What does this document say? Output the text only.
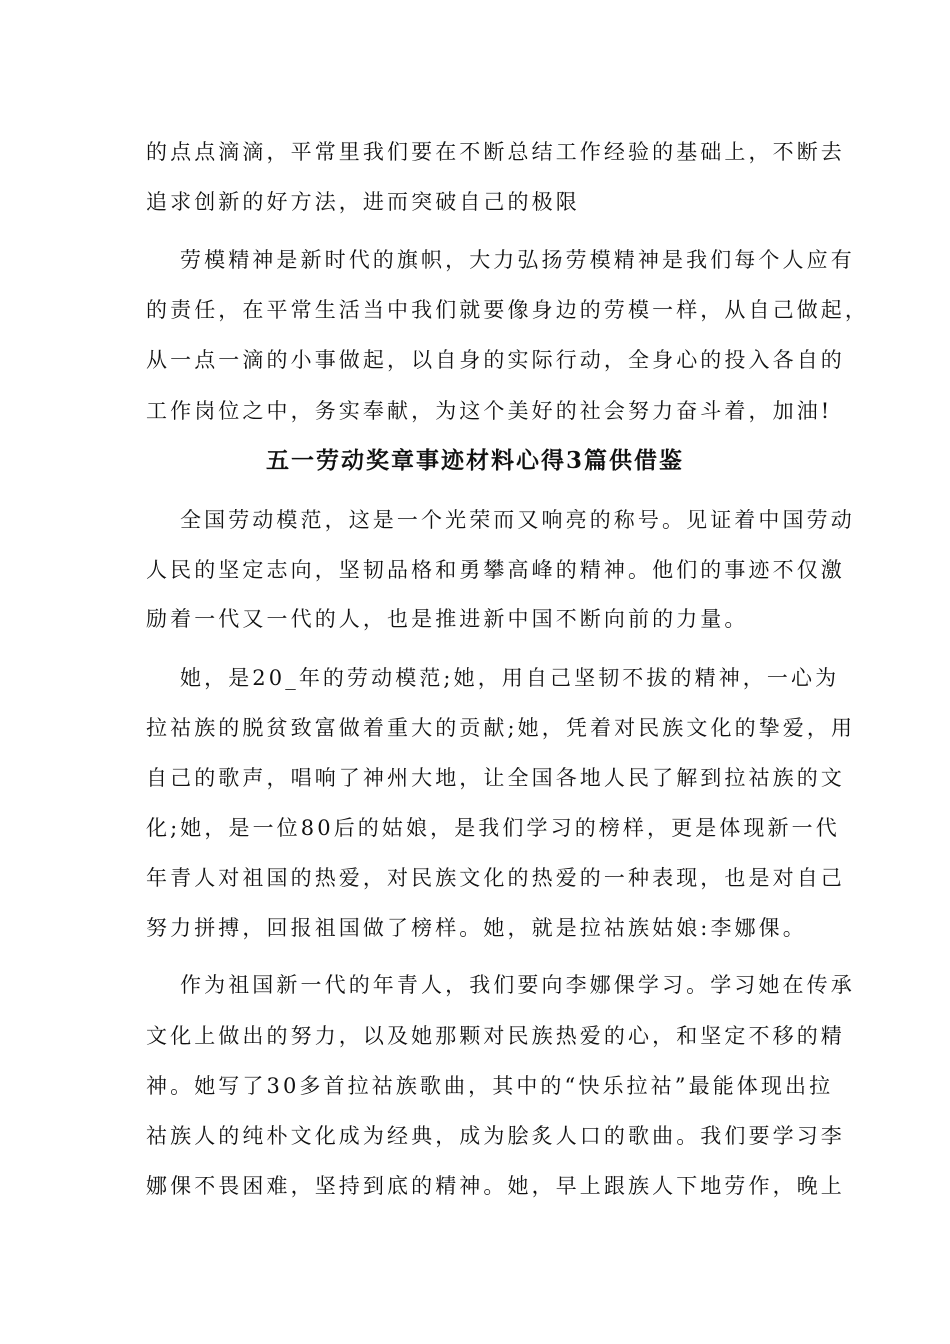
的点点滴滴，平常里我们要在不断总结工作经验的基础上，不断去
追求创新的好方法，进而突破自己的极限
劳模精神是新时代的旗帜，大力弘扬劳模精神是我们每个人应有
的责任，在平常生活当中我们就要像身边的劳模一样，从自己做起，
从一点一滴的小事做起，以自身的实际行动，全身心的投入各自的
工作岗位之中，务实奉献，为这个美好的社会努力奋斗着，加油!
五一劳动奖章事迹材料心得3篇供借鉴
全国劳动模范，这是一个光荣而又响亮的称号。见证着中国劳动
人民的坚定志向，坚韧品格和勇攀高峰的精神。他们的事迹不仅激
励着一代又一代的人，也是推进新中国不断向前的力量。
她，是20_年的劳动模范;她，用自己坚韧不拔的精神，一心为
拉祜族的脱贫致富做着重大的贡献;她，凭着对民族文化的挚爱，用
自己的歌声，唱响了神州大地，让全国各地人民了解到拉祜族的文
化;她，是一位80后的姑娘，是我们学习的榜样，更是体现新一代
年青人对祖国的热爱，对民族文化的热爱的一种表现，也是对自己
努力拼搏，回报祖国做了榜样。她，就是拉祜族姑娘:李娜倮。
作为祖国新一代的年青人，我们要向李娜倮学习。学习她在传承
文化上做出的努力，以及她那颗对民族热爱的心，和坚定不移的精
神。她写了30多首拉祜族歌曲，其中的“快乐拉祜”最能体现出拉
祜族人的纯朴文化成为经典，成为脍炙人口的歌曲。我们要学习李
娜倮不畏困难，坚持到底的精神。她，早上跟族人下地劳作，晚上
